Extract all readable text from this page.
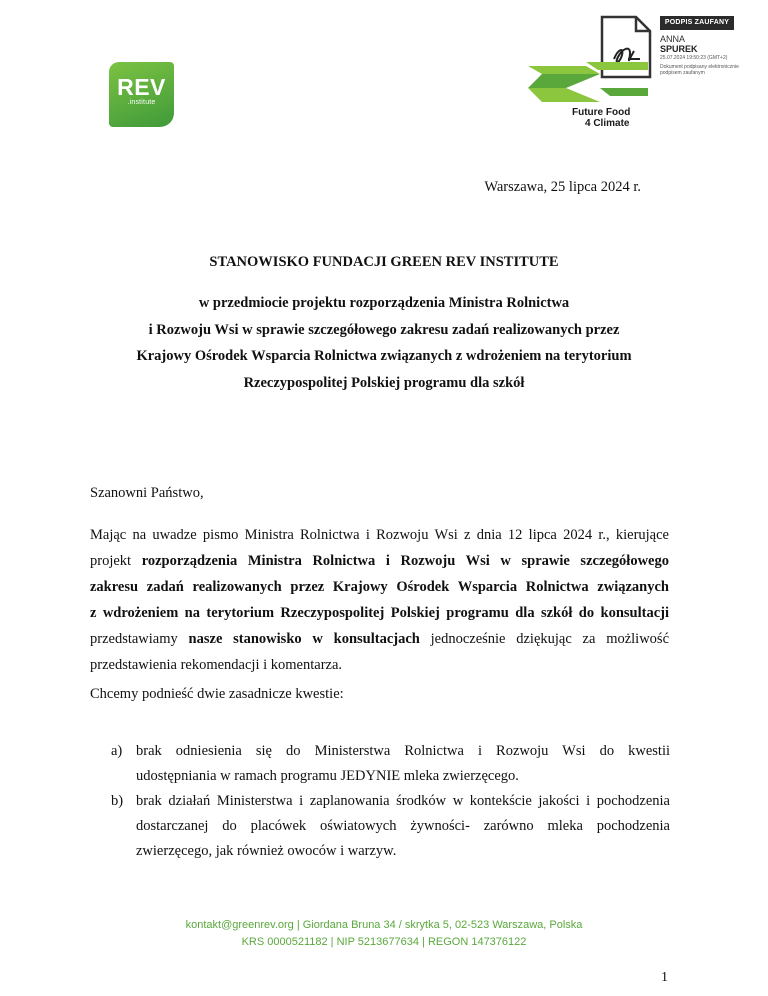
REV
.institute
PODPIS ZAUFANY
ANNA
SPUREK
25.07.2024 19:50:23 (GMT+2)
Dokument podpisany elektronicznie podpisem zaufanym
Future Food
4 Climate
Warszawa, 25 lipca 2024 r.
STANOWISKO FUNDACJI GREEN REV INSTITUTE
w przedmiocie projektu rozporządzenia Ministra Rolnictwa
i Rozwoju Wsi w sprawie szczegółowego zakresu zadań realizowanych przez
Krajowy Ośrodek Wsparcia Rolnictwa związanych z wdrożeniem na terytorium
Rzeczypospolitej Polskiej programu dla szkół
Szanowni Państwo,
Mając na uwadze pismo Ministra Rolnictwa i Rozwoju Wsi z dnia 12 lipca 2024 r., kierujące
projekt rozporządzenia Ministra Rolnictwa i Rozwoju Wsi w sprawie szczegółowego
zakresu zadań realizowanych przez Krajowy Ośrodek Wsparcia Rolnictwa związanych
z wdrożeniem na terytorium Rzeczypospolitej Polskiej programu dla szkół do konsultacji
przedstawiamy nasze stanowisko w konsultacjach jednocześnie dziękując za możliwość
przedstawienia rekomendacji i komentarza.
Chcemy podnieść dwie zasadnicze kwestie:
a) brak odniesienia się do Ministerstwa Rolnictwa i Rozwoju Wsi do kwestii
udostępniania w ramach programu JEDYNIE mleka zwierzęcego.
b) brak działań Ministerstwa i zaplanowania środków w kontekście jakości i pochodzenia
dostarczanej do placówek oświatowych żywności- zarówno mleka pochodzenia
zwierzęcego, jak również owoców i warzyw.
kontakt@greenrev.org | Giordana Bruna 34 / skrytka 5, 02-523 Warszawa, Polska
KRS 0000521182 | NIP 5213677634 | REGON 147376122
1
